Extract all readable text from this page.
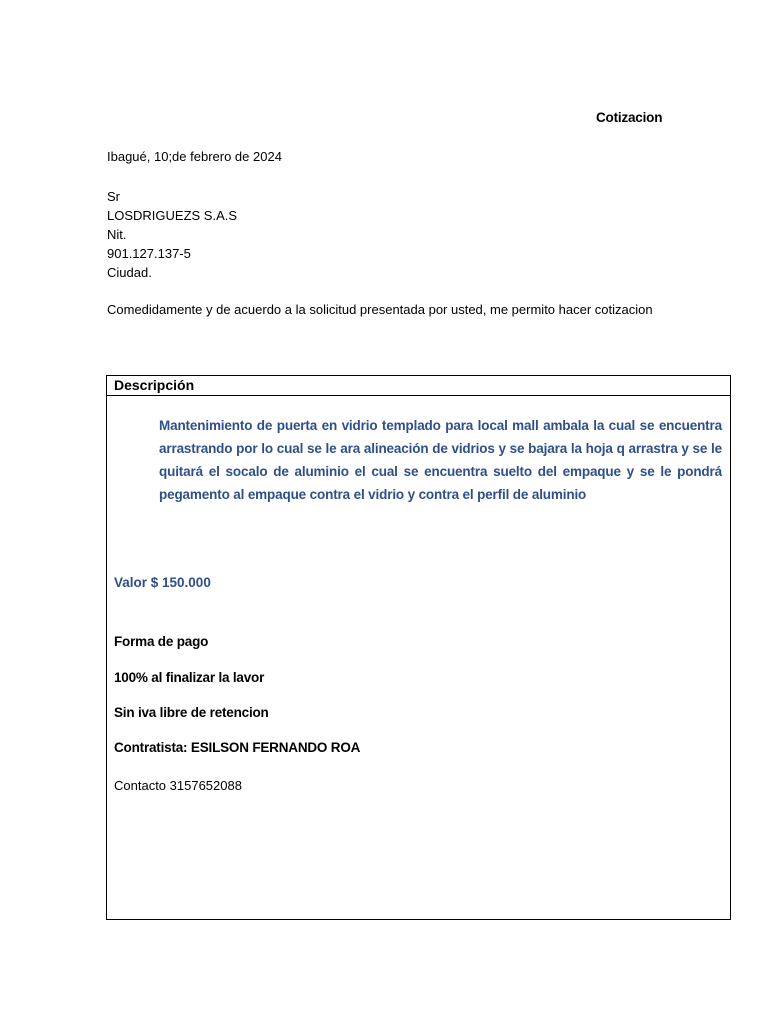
Cotizacion
Ibagué, 10;de febrero de 2024
Sr
LOSDRIGUEZS S.A.S
Nit.
901.127.137-5
Ciudad.
Comedidamente y de acuerdo a la solicitud presentada por usted, me permito hacer cotizacion
Descripción
Mantenimiento de puerta en vidrio templado para local mall ambala la cual se encuentra arrastrando por lo cual se le ara alineación de vidrios y se bajara la hoja q arrastra y se le quitará el socalo de aluminio el cual se encuentra suelto del empaque y se le pondrá pegamento al empaque contra el vidrio y contra el perfil de aluminio
Valor $ 150.000
Forma de pago
100% al finalizar la lavor
Sin iva libre de retencion
Contratista: ESILSON FERNANDO ROA
Contacto 3157652088
